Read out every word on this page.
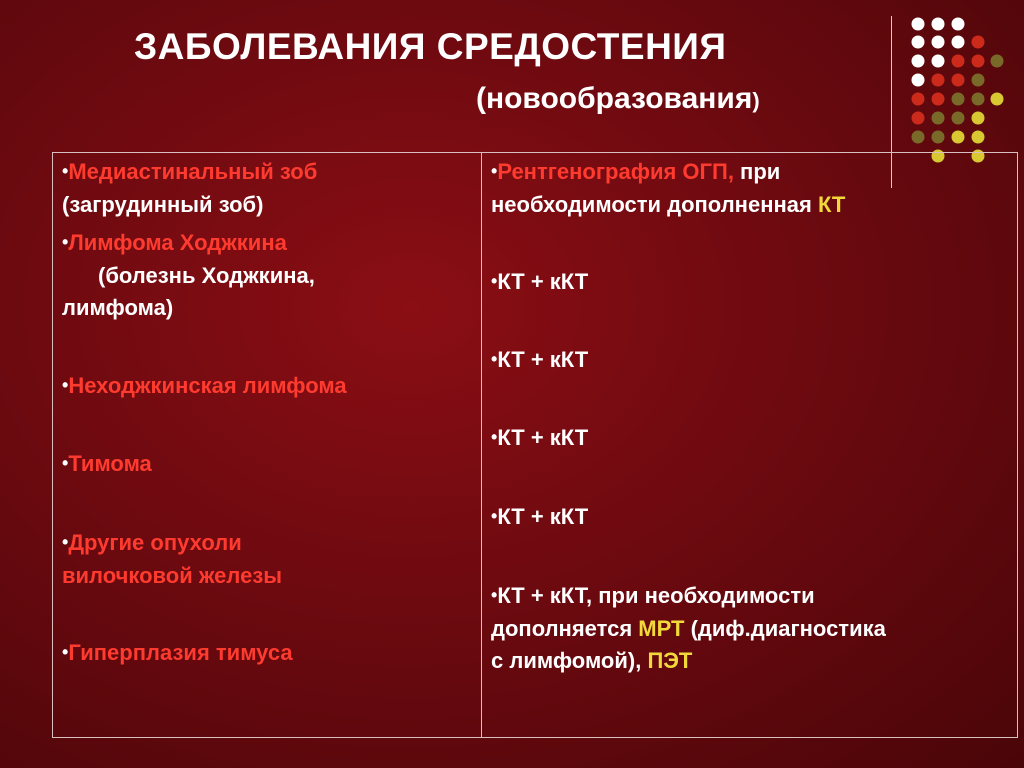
ЗАБОЛЕВАНИЯ СРЕДОСТЕНИЯ
(новообразования)
•Медиастинальный зоб
(загрудинный зоб)
•Лимфома Ходжкина
(болезнь Ходжкина,
лимфома)
•Неходжкинская лимфома
•Тимома
•Другие опухоли
вилочковой железы
•Гиперплазия тимуса
•Рентгенография ОГП, при
необходимости дополненная КТ
•КТ + кКТ
•КТ + кКТ
•КТ + кКТ
•КТ + кКТ
•КТ + кКТ, при необходимости
дополняется МРТ (диф.диагностика
с лимфомой), ПЭТ
